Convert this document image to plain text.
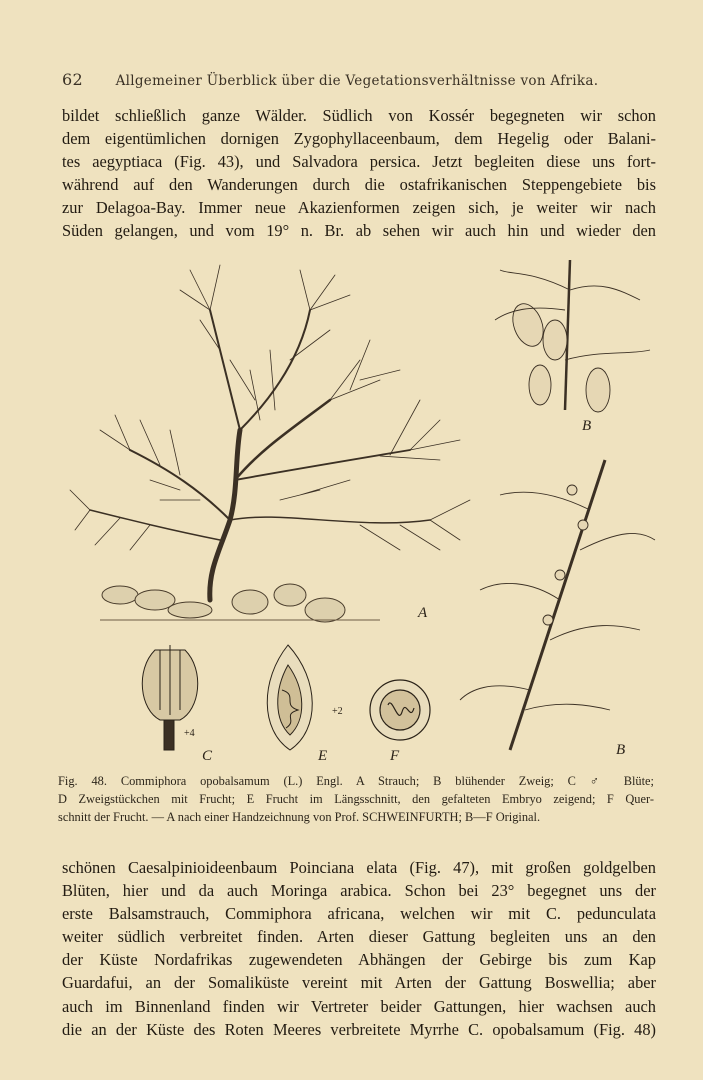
62 Allgemeiner Überblick über die Vegetationsverhältnisse von Afrika.
bildet schließlich ganze Wälder. Südlich von Kossér begegneten wir schon
dem eigentümlichen dornigen Zygophyllaceenbaum, dem Hegelig oder Balani-
tes aegyptiaca (Fig. 43), und Salvadora persica. Jetzt begleiten diese uns fort-
während auf den Wanderungen durch die ostafrikanischen Steppengebiete bis
zur Delagoa-Bay. Immer neue Akazienformen zeigen sich, je weiter wir nach
Süden gelangen, und vom 19° n. Br. ab sehen wir auch hin und wieder den
A
B
B
C
+4
E
+2
F
Fig. 48. Commiphora opobalsamum (L.) Engl. A Strauch; B blühender Zweig; C ♂ Blüte;
D Zweigstückchen mit Frucht; E Frucht im Längsschnitt, den gefalteten Embryo zeigend; F Quer-
schnitt der Frucht. — A nach einer Handzeichnung von Prof. SCHWEINFURTH; B—F Original.
schönen Caesalpinioideenbaum Poinciana elata (Fig. 47), mit großen goldgelben
Blüten, hier und da auch Moringa arabica. Schon bei 23° begegnet uns der
erste Balsamstrauch, Commiphora africana, welchen wir mit C. pedunculata
weiter südlich verbreitet finden. Arten dieser Gattung begleiten uns an den
der Küste Nordafrikas zugewendeten Abhängen der Gebirge bis zum Kap
Guardafui, an der Somaliküste vereint mit Arten der Gattung Boswellia; aber
auch im Binnenland finden wir Vertreter beider Gattungen, hier wachsen auch
die an der Küste des Roten Meeres verbreitete Myrrhe C. opobalsamum (Fig. 48)
